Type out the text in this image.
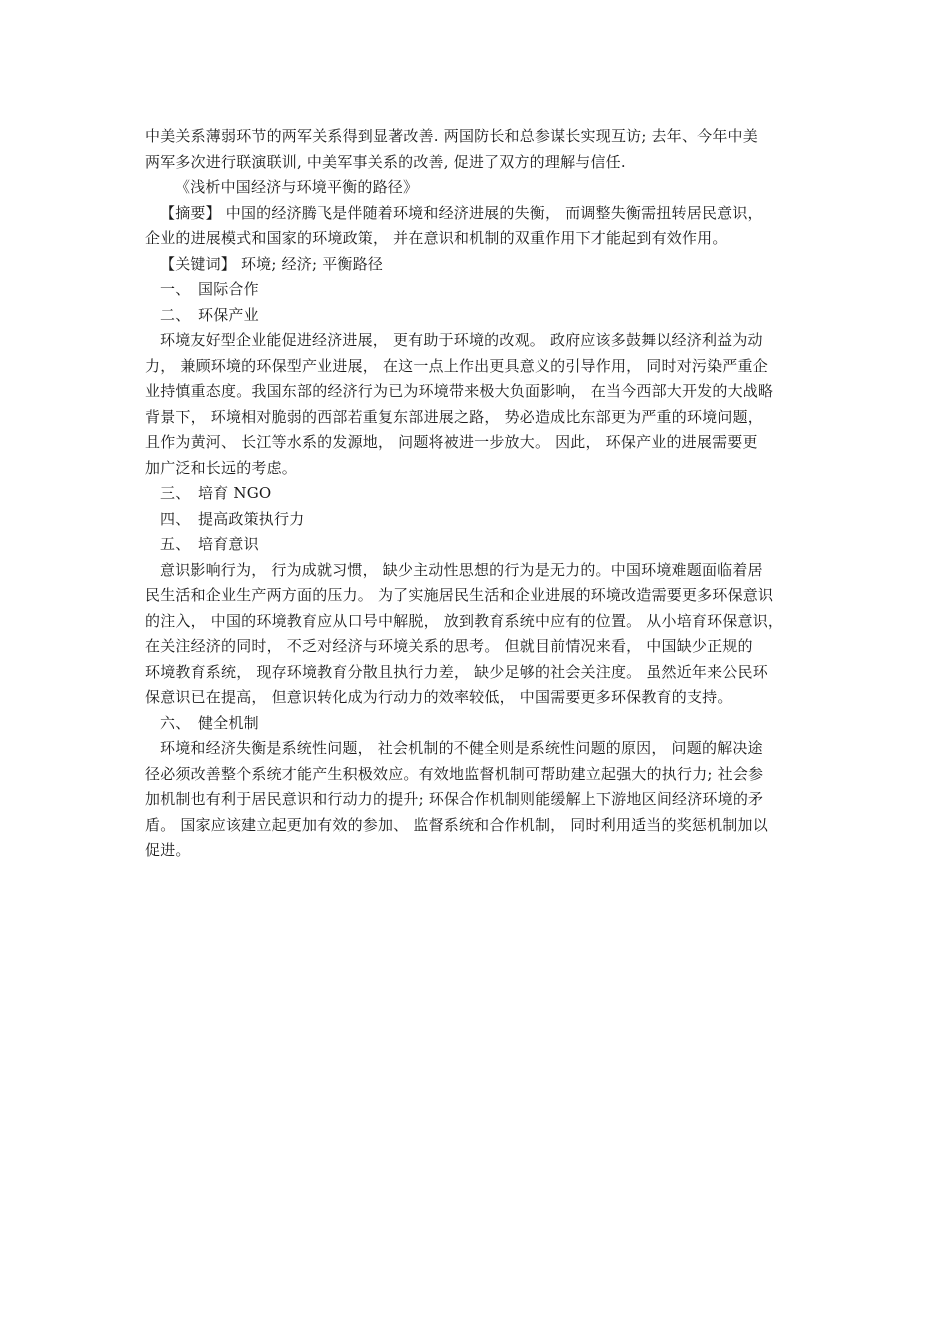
中美关系薄弱环节的两军关系得到显著改善. 两国防长和总参谋长实现互访; 去年、今年中美

两军多次进行联演联训, 中美军事关系的改善, 促进了双方的理解与信任.

《浅析中国经济与环境平衡的路径》

【摘要】 中国的经济腾飞是伴随着环境和经济进展的失衡， 而调整失衡需扭转居民意识，

企业的进展模式和国家的环境政策， 并在意识和机制的双重作用下才能起到有效作用。

【关键词】 环境; 经济; 平衡路径

一、 国际合作

二、 环保产业

环境友好型企业能促进经济进展， 更有助于环境的改观。 政府应该多鼓舞以经济利益为动

力， 兼顾环境的环保型产业进展， 在这一点上作出更具意义的引导作用， 同时对污染严重企

业持慎重态度。我国东部的经济行为已为环境带来极大负面影响， 在当今西部大开发的大战略

背景下， 环境相对脆弱的西部若重复东部进展之路， 势必造成比东部更为严重的环境问题，

且作为黄河、 长江等水系的发源地， 问题将被进一步放大。 因此， 环保产业的进展需要更

加广泛和长远的考虑。

三、 培育 NGO

四、 提高政策执行力

五、 培育意识

意识影响行为， 行为成就习惯， 缺少主动性思想的行为是无力的。中国环境难题面临着居

民生活和企业生产两方面的压力。 为了实施居民生活和企业进展的环境改造需要更多环保意识

的注入， 中国的环境教育应从口号中解脱， 放到教育系统中应有的位置。 从小培育环保意识，

在关注经济的同时， 不乏对经济与环境关系的思考。 但就目前情况来看， 中国缺少正规的

环境教育系统， 现存环境教育分散且执行力差， 缺少足够的社会关注度。 虽然近年来公民环

保意识已在提高， 但意识转化成为行动力的效率较低， 中国需要更多环保教育的支持。

六、 健全机制

环境和经济失衡是系统性问题， 社会机制的不健全则是系统性问题的原因， 问题的解决途

径必须改善整个系统才能产生积极效应。有效地监督机制可帮助建立起强大的执行力; 社会参

加机制也有利于居民意识和行动力的提升; 环保合作机制则能缓解上下游地区间经济环境的矛

盾。 国家应该建立起更加有效的参加、 监督系统和合作机制， 同时利用适当的奖惩机制加以

促进。
